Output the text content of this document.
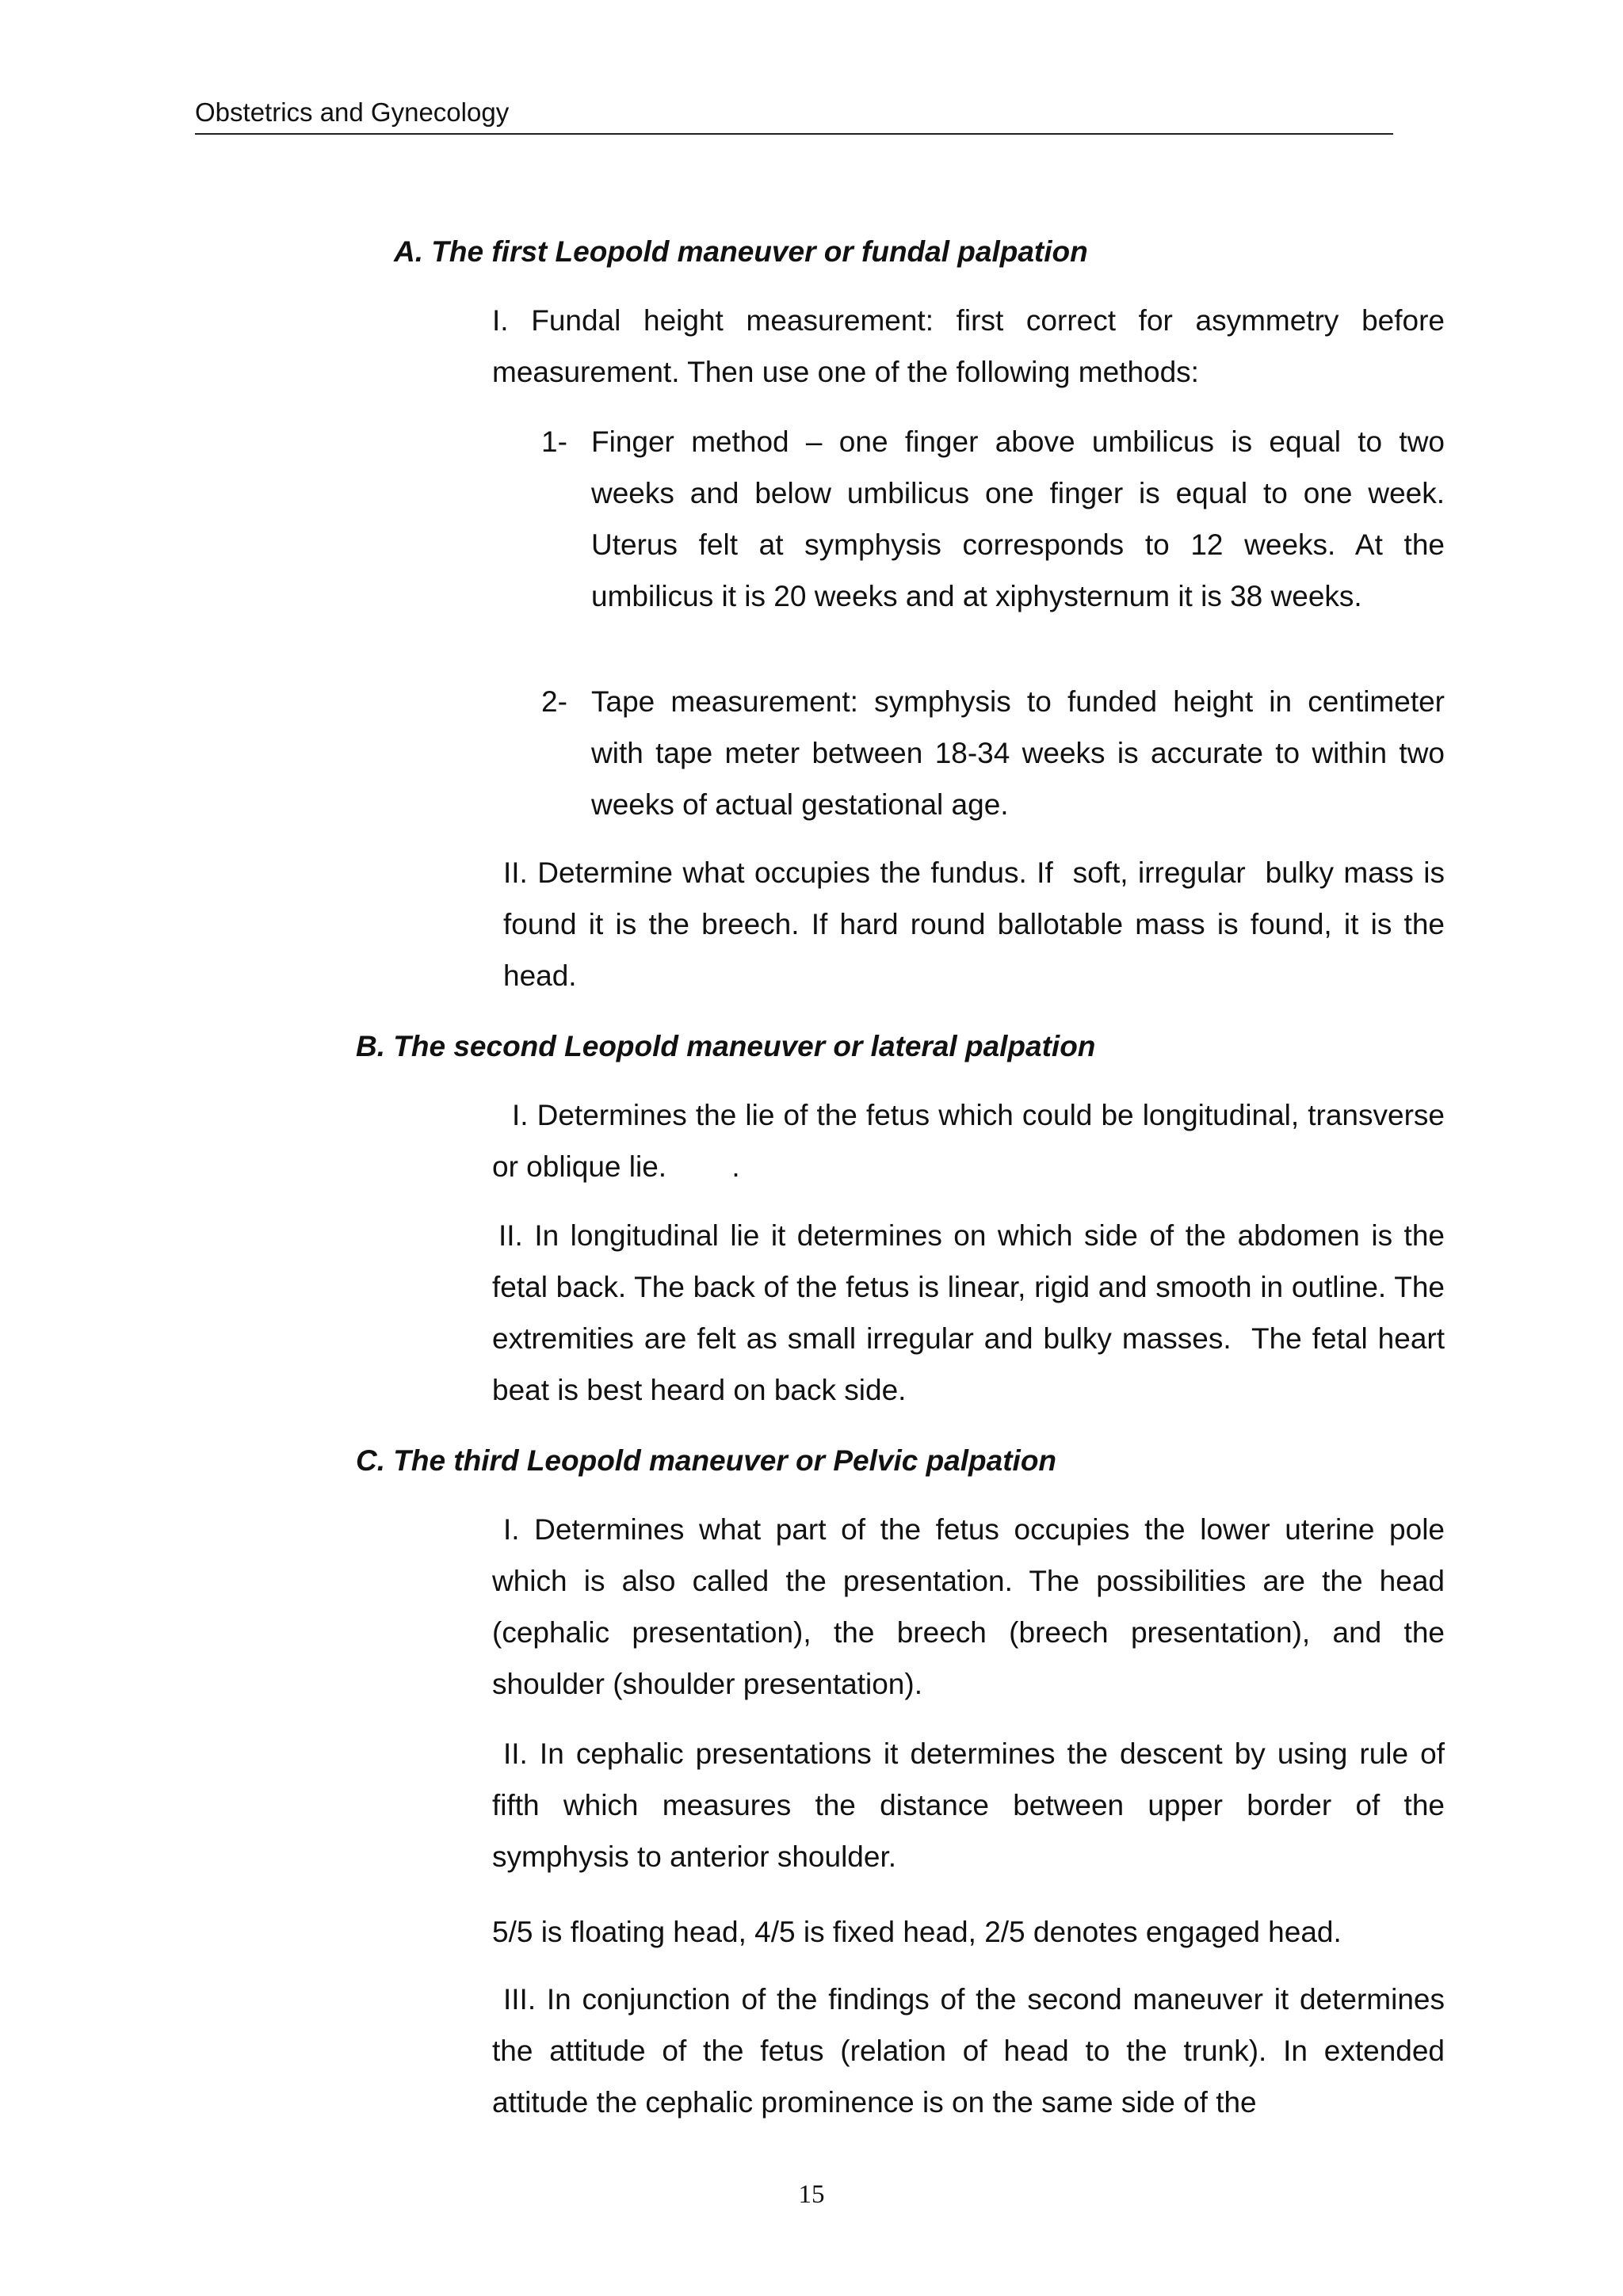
Obstetrics and Gynecology
A. The first Leopold maneuver or fundal palpation

I. Fundal height measurement: first correct for asymmetry before measurement. Then use one of the following methods:

1- Finger method – one finger above umbilicus is equal to two weeks and below umbilicus one finger is equal to one week. Uterus felt at symphysis corresponds to 12 weeks. At the umbilicus it is 20 weeks and at xiphysternum it is 38 weeks.
2- Tape measurement: symphysis to funded height in centimeter with tape meter between 18-34 weeks is accurate to within two weeks of actual gestational age.

II. Determine what occupies the fundus. If  soft, irregular  bulky mass is found it is the breech. If hard round ballotable mass is found, it is the head.

B. The second Leopold maneuver or lateral palpation

I. Determines the lie of the fetus which could be longitudinal, transverse or oblique lie.        .

II. In longitudinal lie it determines on which side of the abdomen is the fetal back. The back of the fetus is linear, rigid and smooth in outline. The extremities are felt as small irregular and bulky masses.  The fetal heart beat is best heard on back side.

C. The third Leopold maneuver or Pelvic palpation

I. Determines what part of the fetus occupies the lower uterine pole which is also called the presentation. The possibilities are the head (cephalic presentation), the breech (breech presentation), and the shoulder (shoulder presentation).

II. In cephalic presentations it determines the descent by using rule of fifth which measures the distance between upper border of the symphysis to anterior shoulder.

5/5 is floating head, 4/5 is fixed head, 2/5 denotes engaged head.

III. In conjunction of the findings of the second maneuver it determines the attitude of the fetus (relation of head to the trunk). In extended attitude the cephalic prominence is on the same side of the

15
